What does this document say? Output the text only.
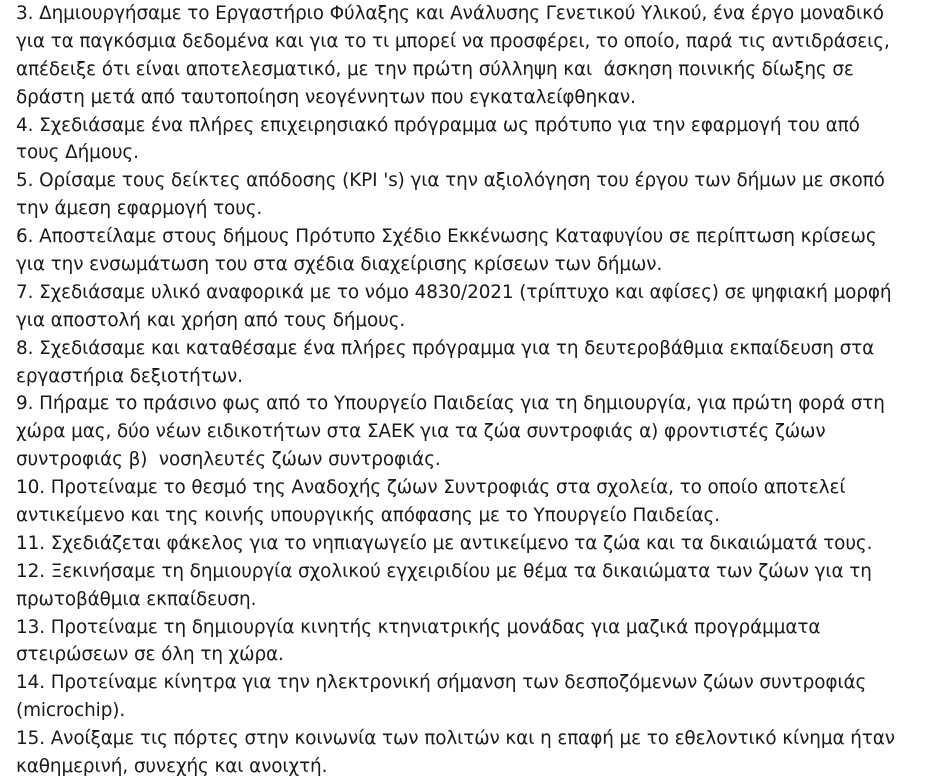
3. Δημιουργήσαμε το Εργαστήριο Φύλαξης και Ανάλυσης Γενετικού Υλικού, ένα έργο μοναδικό
για τα παγκόσμια δεδομένα και για το τι μπορεί να προσφέρει, το οποίο, παρά τις αντιδράσεις,
απέδειξε ότι είναι αποτελεσματικό, με την πρώτη σύλληψη και  άσκηση ποινικής δίωξης σε
δράστη μετά από ταυτοποίηση νεογέννητων που εγκαταλείφθηκαν.
4. Σχεδιάσαμε ένα πλήρες επιχειρησιακό πρόγραμμα ως πρότυπο για την εφαρμογή του από
τους Δήμους.
5. Ορίσαμε τους δείκτες απόδοσης (KPI 's) για την αξιολόγηση του έργου των δήμων με σκοπό
την άμεση εφαρμογή τους.
6. Αποστείλαμε στους δήμους Πρότυπο Σχέδιο Εκκένωσης Καταφυγίου σε περίπτωση κρίσεως
για την ενσωμάτωση του στα σχέδια διαχείρισης κρίσεων των δήμων.
7. Σχεδιάσαμε υλικό αναφορικά με το νόμο 4830/2021 (τρίπτυχο και αφίσες) σε ψηφιακή μορφή
για αποστολή και χρήση από τους δήμους.
8. Σχεδιάσαμε και καταθέσαμε ένα πλήρες πρόγραμμα για τη δευτεροβάθμια εκπαίδευση στα
εργαστήρια δεξιοτήτων.
9. Πήραμε το πράσινο φως από το Υπουργείο Παιδείας για τη δημιουργία, για πρώτη φορά στη
χώρα μας, δύο νέων ειδικοτήτων στα ΣΑΕΚ για τα ζώα συντροφιάς α) φροντιστές ζώων
συντροφιάς β)  νοσηλευτές ζώων συντροφιάς.
10. Προτείναμε το θεσμό της Αναδοχής ζώων Συντροφιάς στα σχολεία, το οποίο αποτελεί
αντικείμενο και της κοινής υπουργικής απόφασης με το Υπουργείο Παιδείας.
11. Σχεδιάζεται φάκελος για το νηπιαγωγείο με αντικείμενο τα ζώα και τα δικαιώματά τους.
12. Ξεκινήσαμε τη δημιουργία σχολικού εγχειριδίου με θέμα τα δικαιώματα των ζώων για τη
πρωτοβάθμια εκπαίδευση.
13. Προτείναμε τη δημιουργία κινητής κτηνιατρικής μονάδας για μαζικά προγράμματα
στειρώσεων σε όλη τη χώρα.
14. Προτείναμε κίνητρα για την ηλεκτρονική σήμανση των δεσποζόμενων ζώων συντροφιάς
(microchip).
15. Ανοίξαμε τις πόρτες στην κοινωνία των πολιτών και η επαφή με το εθελοντικό κίνημα ήταν
καθημερινή, συνεχής και ανοιχτή.
